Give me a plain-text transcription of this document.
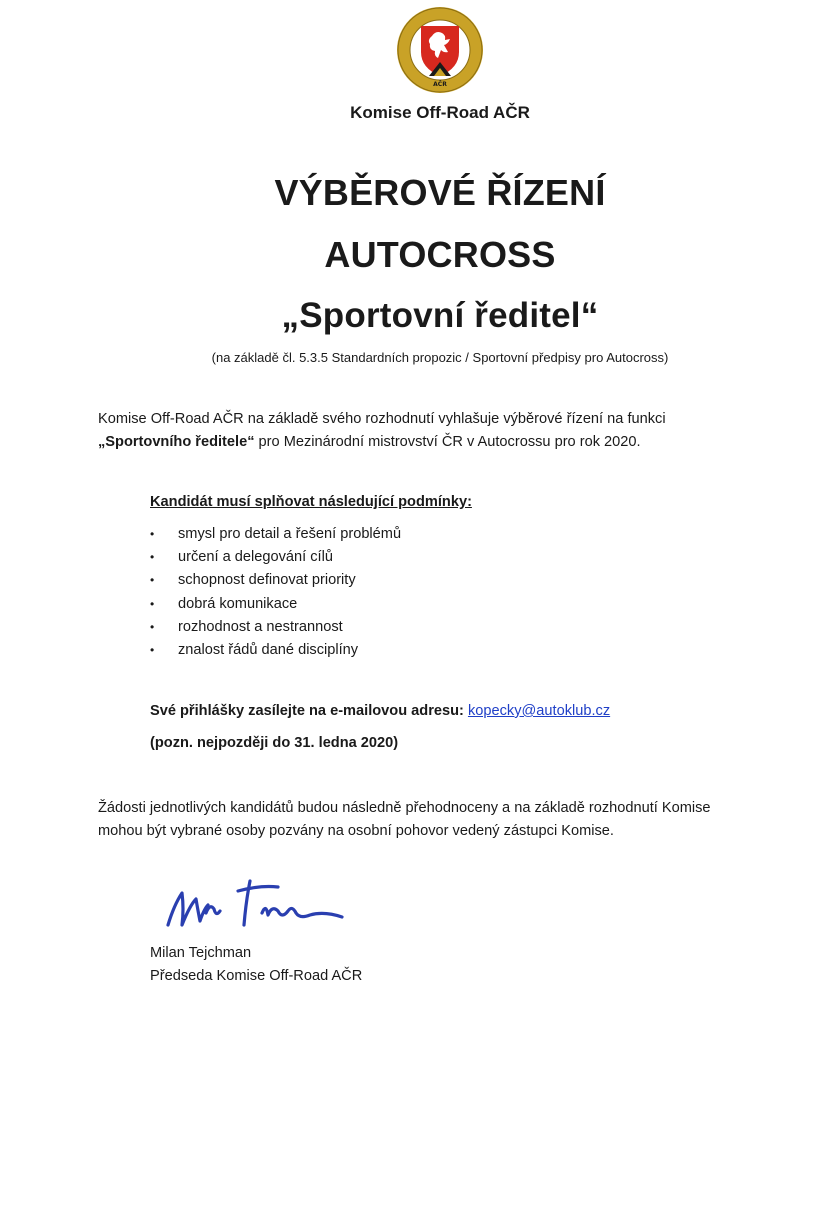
AČR
Komise Off-Road AČR
VÝBĚROVÉ ŘÍZENÍ
AUTOCROSS
„Sportovní ředitel“
(na základě čl. 5.3.5 Standardních propozic / Sportovní předpisy pro Autocross)
Komise Off-Road AČR na základě svého rozhodnutí vyhlašuje výběrové řízení na funkci
„Sportovního ředitele“ pro Mezinárodní mistrovství ČR v Autocrossu pro rok 2020.
Kandidát musí splňovat následující podmínky:
• smysl pro detail a řešení problémů
• určení a delegování cílů
• schopnost definovat priority
• dobrá komunikace
• rozhodnost a nestrannost
• znalost řádů dané disciplíny
Své přihlášky zasílejte na e-mailovou adresu: kopecky@autoklub.cz
(pozn. nejpozději do 31. ledna 2020)
Žádosti jednotlivých kandidátů budou následně přehodnoceny a na základě rozhodnutí Komise mohou být vybrané osoby pozvány na osobní pohovor vedený zástupci Komise.
Milan Tejchman
Předseda Komise Off-Road AČR
